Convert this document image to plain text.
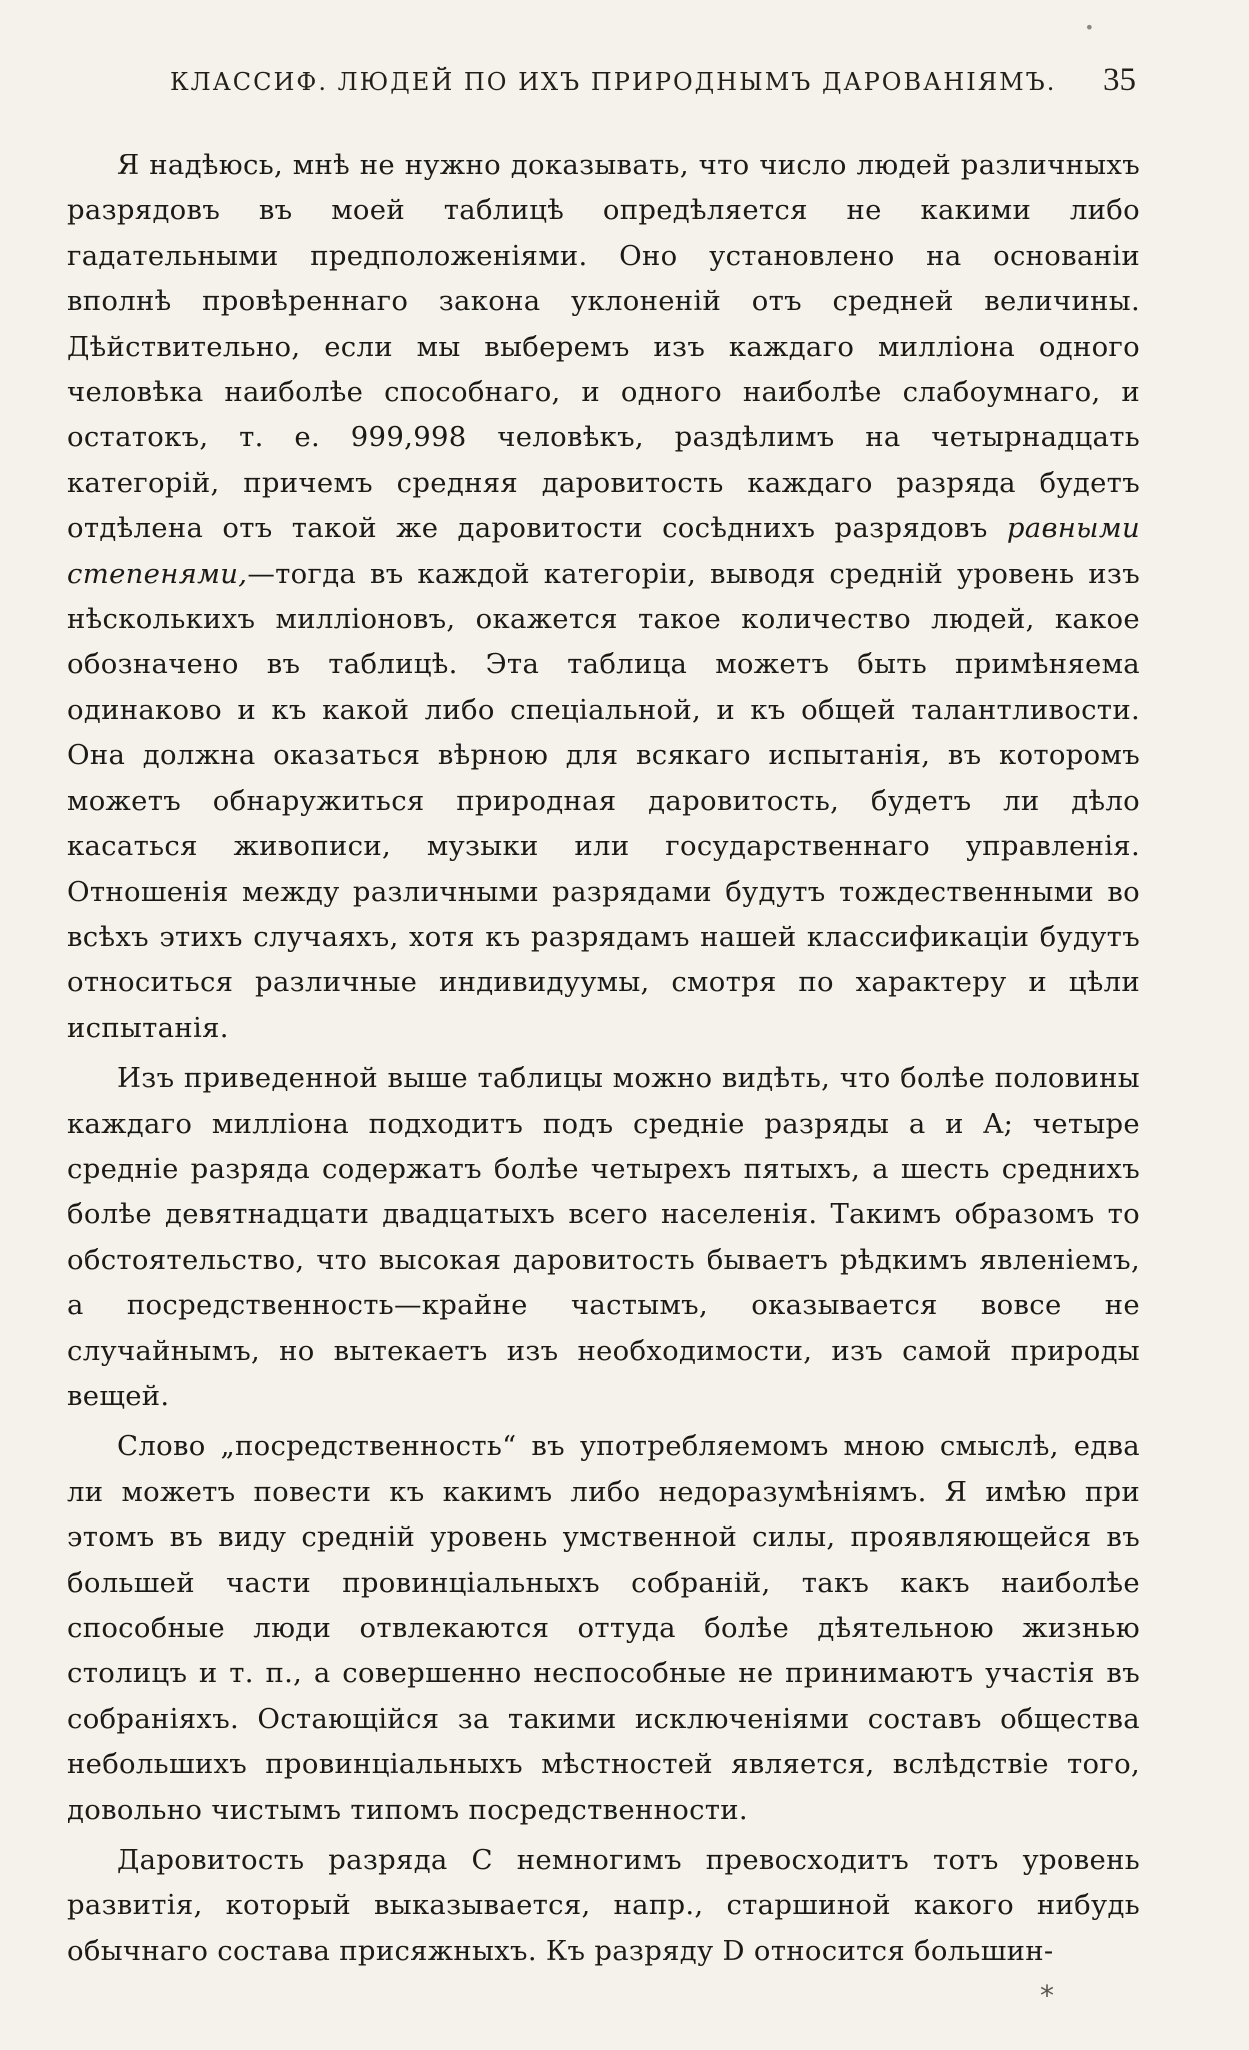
•
КЛАССИФ. ЛЮДЕЙ ПО ИХЪ ПРИРОДНЫМЪ ДАРОВАНІЯМЪ. 35

Я надѣюсь, мнѣ не нужно доказывать, что число людей различныхъ разрядовъ въ моей таблицѣ опредѣляется не какими либо гадательными предположеніями. Оно установлено на основаніи вполнѣ провѣреннаго закона уклоненій отъ средней величины. Дѣйствительно, если мы выберемъ изъ каждаго милліона одного человѣка наиболѣе способнаго, и одного наиболѣе слабоумнаго, и остатокъ, т. е. 999,998 человѣкъ, раздѣлимъ на четырнадцать категорій, причемъ средняя даровитость каждаго разряда будетъ отдѣлена отъ такой же даровитости сосѣднихъ разрядовъ равными степенями,—тогда въ каждой категоріи, выводя средній уровень изъ нѣсколькихъ милліоновъ, окажется такое количество людей, какое обозначено въ таблицѣ. Эта таблица можетъ быть примѣняема одинаково и къ какой либо спеціальной, и къ общей талантливости. Она должна оказаться вѣрною для всякаго испытанія, въ которомъ можетъ обнаружиться природная даровитость, будетъ ли дѣло касаться живописи, музыки или государственнаго управленія. Отношенія между различными разрядами будутъ тождественными во всѣхъ этихъ случаяхъ, хотя къ разрядамъ нашей классификаціи будутъ относиться различные индивидуумы, смотря по характеру и цѣли испытанія.

Изъ приведенной выше таблицы можно видѣть, что болѣе половины каждаго милліона подходитъ подъ средніе разряды a и A; четыре средніе разряда содержатъ болѣе четырехъ пятыхъ, а шесть среднихъ болѣе девятнадцати двадцатыхъ всего населенія. Такимъ образомъ то обстоятельство, что высокая даровитость бываетъ рѣдкимъ явленіемъ, а посредственность—крайне частымъ, оказывается вовсе не случайнымъ, но вытекаетъ изъ необходимости, изъ самой природы вещей.

Слово „посредственность“ въ употребляемомъ мною смыслѣ, едва ли можетъ повести къ какимъ либо недоразумѣніямъ. Я имѣю при этомъ въ виду средній уровень умственной силы, проявляющейся въ большей части провинціальныхъ собраній, такъ какъ наиболѣе способные люди отвлекаются оттуда болѣе дѣятельною жизнью столицъ и т. п., а совершенно неспособные не принимаютъ участія въ собраніяхъ. Остающійся за такими исключеніями составъ общества небольшихъ провинціальныхъ мѣстностей является, вслѣдствіе того, довольно чистымъ типомъ посредственности.

Даровитость разряда C немногимъ превосходитъ тотъ уровень развитія, который выказывается, напр., старшиной какого нибудь обычнаго состава присяжныхъ. Къ разряду D относится большин-

*
